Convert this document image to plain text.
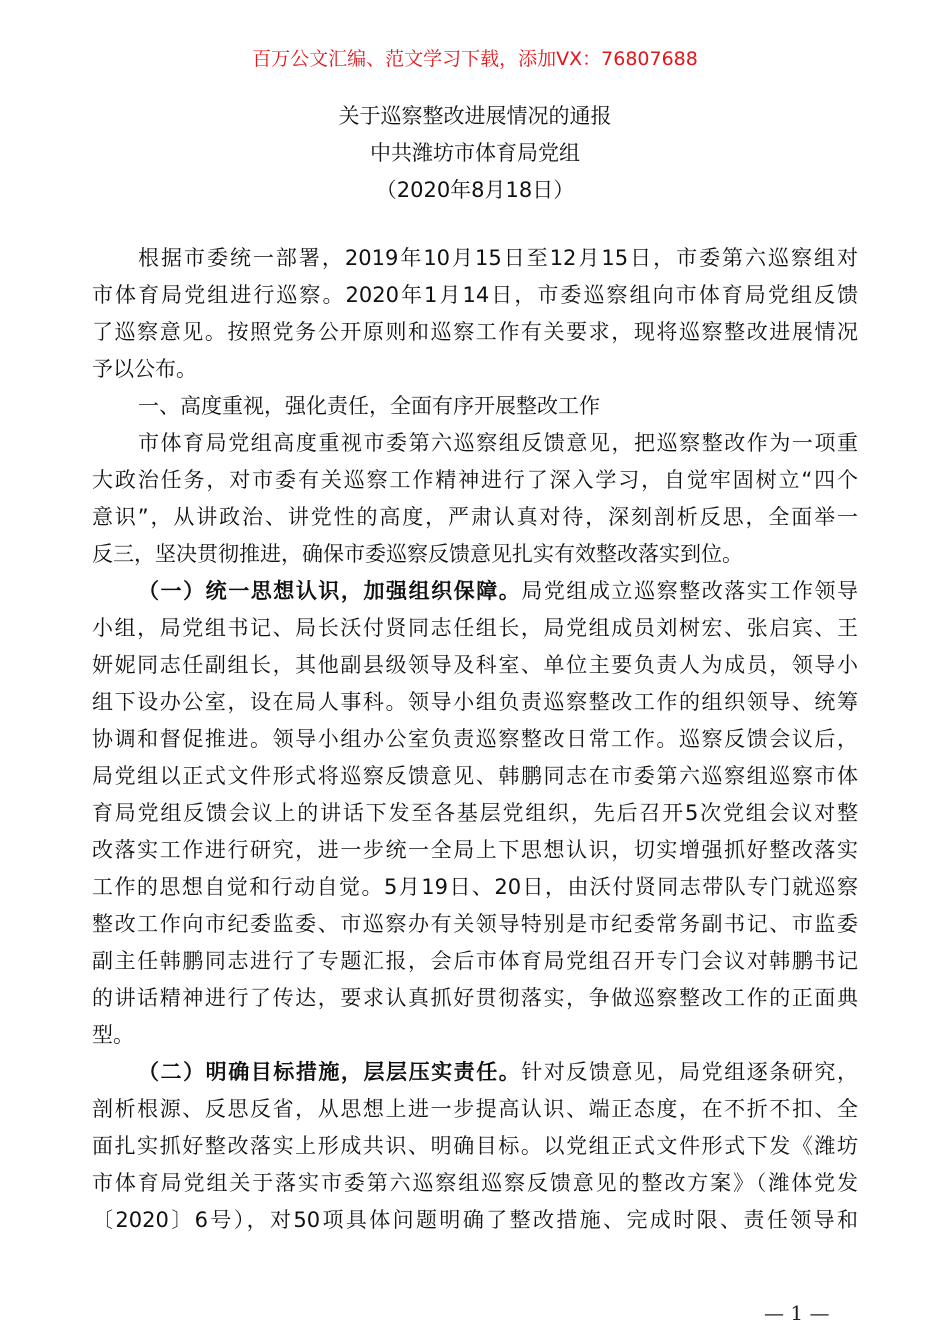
百万公文汇编、范文学习下载，添加VX：76807688
关于巡察整改进展情况的通报
中共潍坊市体育局党组
（2020年8月18日）
根据市委统一部署，2019年10月15日至12月15日，市委第六巡察组对
市体育局党组进行巡察。2020年1月14日，市委巡察组向市体育局党组反馈
了巡察意见。按照党务公开原则和巡察工作有关要求，现将巡察整改进展情况
予以公布。
一、高度重视，强化责任，全面有序开展整改工作
市体育局党组高度重视市委第六巡察组反馈意见，把巡察整改作为一项重
大政治任务，对市委有关巡察工作精神进行了深入学习，自觉牢固树立“四个
意识”，从讲政治、讲党性的高度，严肃认真对待，深刻剖析反思，全面举一
反三，坚决贯彻推进，确保市委巡察反馈意见扎实有效整改落实到位。
（一）统一思想认识，加强组织保障。局党组成立巡察整改落实工作领导
小组，局党组书记、局长沃付贤同志任组长，局党组成员刘树宏、张启宾、王
妍妮同志任副组长，其他副县级领导及科室、单位主要负责人为成员，领导小
组下设办公室，设在局人事科。领导小组负责巡察整改工作的组织领导、统筹
协调和督促推进。领导小组办公室负责巡察整改日常工作。巡察反馈会议后，
局党组以正式文件形式将巡察反馈意见、韩鹏同志在市委第六巡察组巡察市体
育局党组反馈会议上的讲话下发至各基层党组织，先后召开5次党组会议对整
改落实工作进行研究，进一步统一全局上下思想认识，切实增强抓好整改落实
工作的思想自觉和行动自觉。5月19日、20日，由沃付贤同志带队专门就巡察
整改工作向市纪委监委、市巡察办有关领导特别是市纪委常务副书记、市监委
副主任韩鹏同志进行了专题汇报，会后市体育局党组召开专门会议对韩鹏书记
的讲话精神进行了传达，要求认真抓好贯彻落实，争做巡察整改工作的正面典
型。
（二）明确目标措施，层层压实责任。针对反馈意见，局党组逐条研究，
剖析根源、反思反省，从思想上进一步提高认识、端正态度，在不折不扣、全
面扎实抓好整改落实上形成共识、明确目标。以党组正式文件形式下发《潍坊
市体育局党组关于落实市委第六巡察组巡察反馈意见的整改方案》（潍体党发
〔2020〕6号），对50项具体问题明确了整改措施、完成时限、责任领导和
— 1 —
